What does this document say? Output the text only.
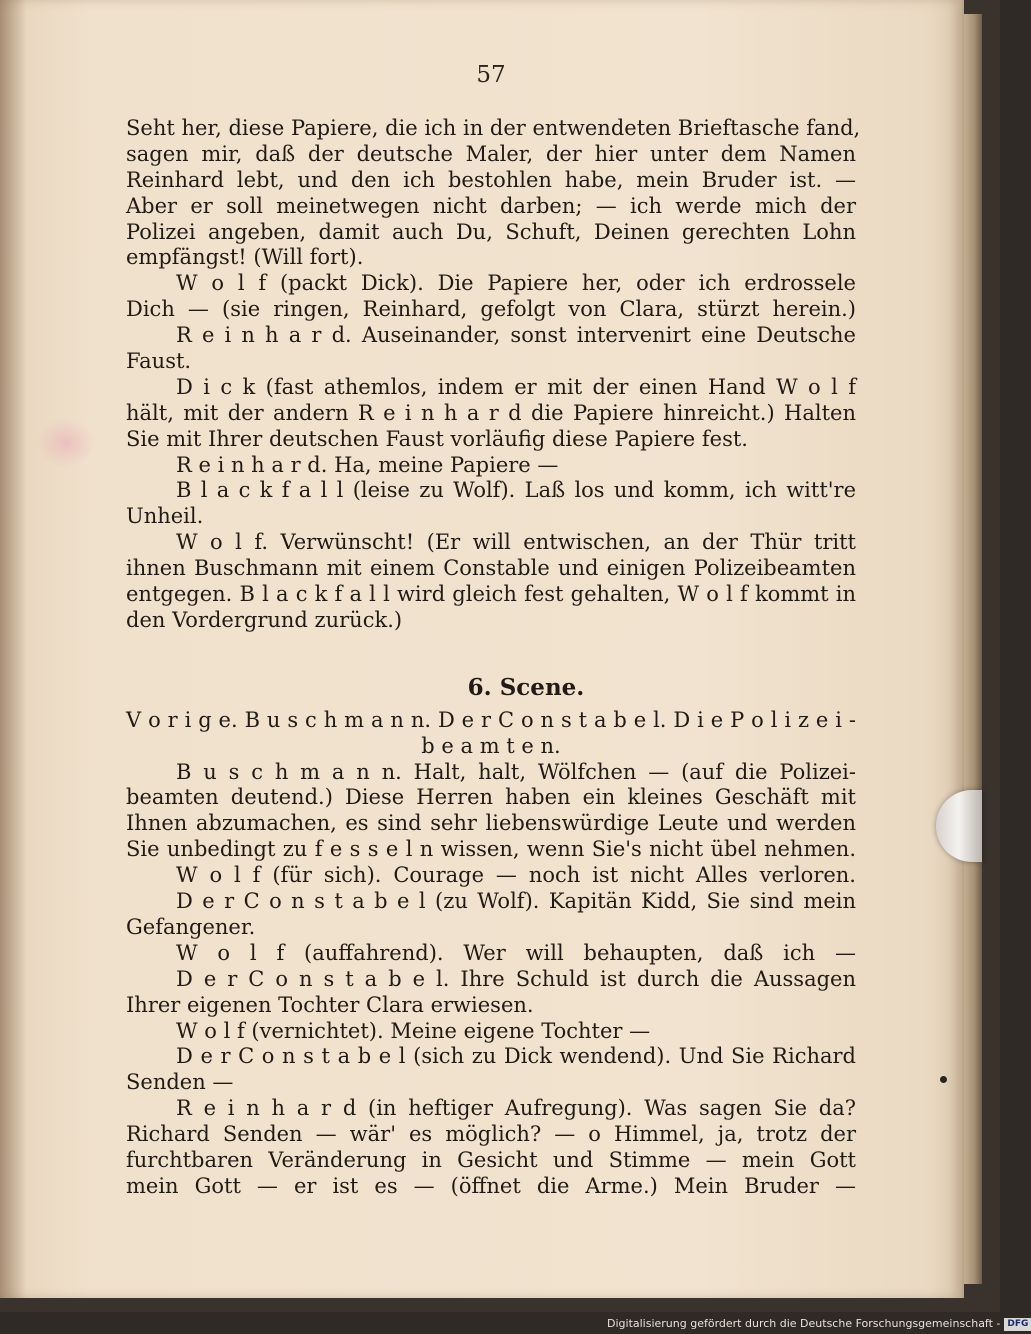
57
Seht her, diese Papiere, die ich in der entwendeten Brieftasche fand,
sagen mir, daß der deutsche Maler, der hier unter dem Namen
Reinhard lebt, und den ich bestohlen habe, mein Bruder ist. —
Aber er soll meinetwegen nicht darben; — ich werde mich der
Polizei angeben, damit auch Du, Schuft, Deinen gerechten Lohn
empfängst! (Will fort).
W o l f (packt Dick). Die Papiere her, oder ich erdrossele
Dich — (sie ringen, Reinhard, gefolgt von Clara, stürzt herein.)
R e i n h a r d. Auseinander, sonst intervenirt eine Deutsche
Faust.
D i c k (fast athemlos, indem er mit der einen Hand W o l f
hält, mit der andern R e i n h a r d die Papiere hinreicht.) Halten
Sie mit Ihrer deutschen Faust vorläufig diese Papiere fest.
R e i n h a r d. Ha, meine Papiere —
B l a c k f a l l (leise zu Wolf). Laß los und komm, ich witt're
Unheil.
W o l f. Verwünscht! (Er will entwischen, an der Thür tritt
ihnen Buschmann mit einem Constable und einigen Polizeibeamten
entgegen. B l a c k f a l l wird gleich fest gehalten, W o l f kommt in
den Vordergrund zurück.)
6. Scene.
V o r i g e. B u s c h m a n n. D e r C o n s t a b e l. D i e P o l i z e i -
b e a m t e n.
B u s c h m a n n. Halt, halt, Wölfchen — (auf die Polizei-
beamten deutend.) Diese Herren haben ein kleines Geschäft mit
Ihnen abzumachen, es sind sehr liebenswürdige Leute und werden
Sie unbedingt zu f e s s e l n wissen, wenn Sie's nicht übel nehmen.
W o l f (für sich). Courage — noch ist nicht Alles verloren.
D e r C o n s t a b e l (zu Wolf). Kapitän Kidd, Sie sind mein
Gefangener.
W o l f (auffahrend). Wer will behaupten, daß ich —
D e r C o n s t a b e l. Ihre Schuld ist durch die Aussagen
Ihrer eigenen Tochter Clara erwiesen.
W o l f (vernichtet). Meine eigene Tochter —
D e r C o n s t a b e l (sich zu Dick wendend). Und Sie Richard
Senden —
R e i n h a r d (in heftiger Aufregung). Was sagen Sie da?
Richard Senden — wär' es möglich? — o Himmel, ja, trotz der
furchtbaren Veränderung in Gesicht und Stimme — mein Gott
mein Gott — er ist es — (öffnet die Arme.) Mein Bruder —
Digitalisierung gefördert durch die Deutsche Forschungsgemeinschaft - DFG
